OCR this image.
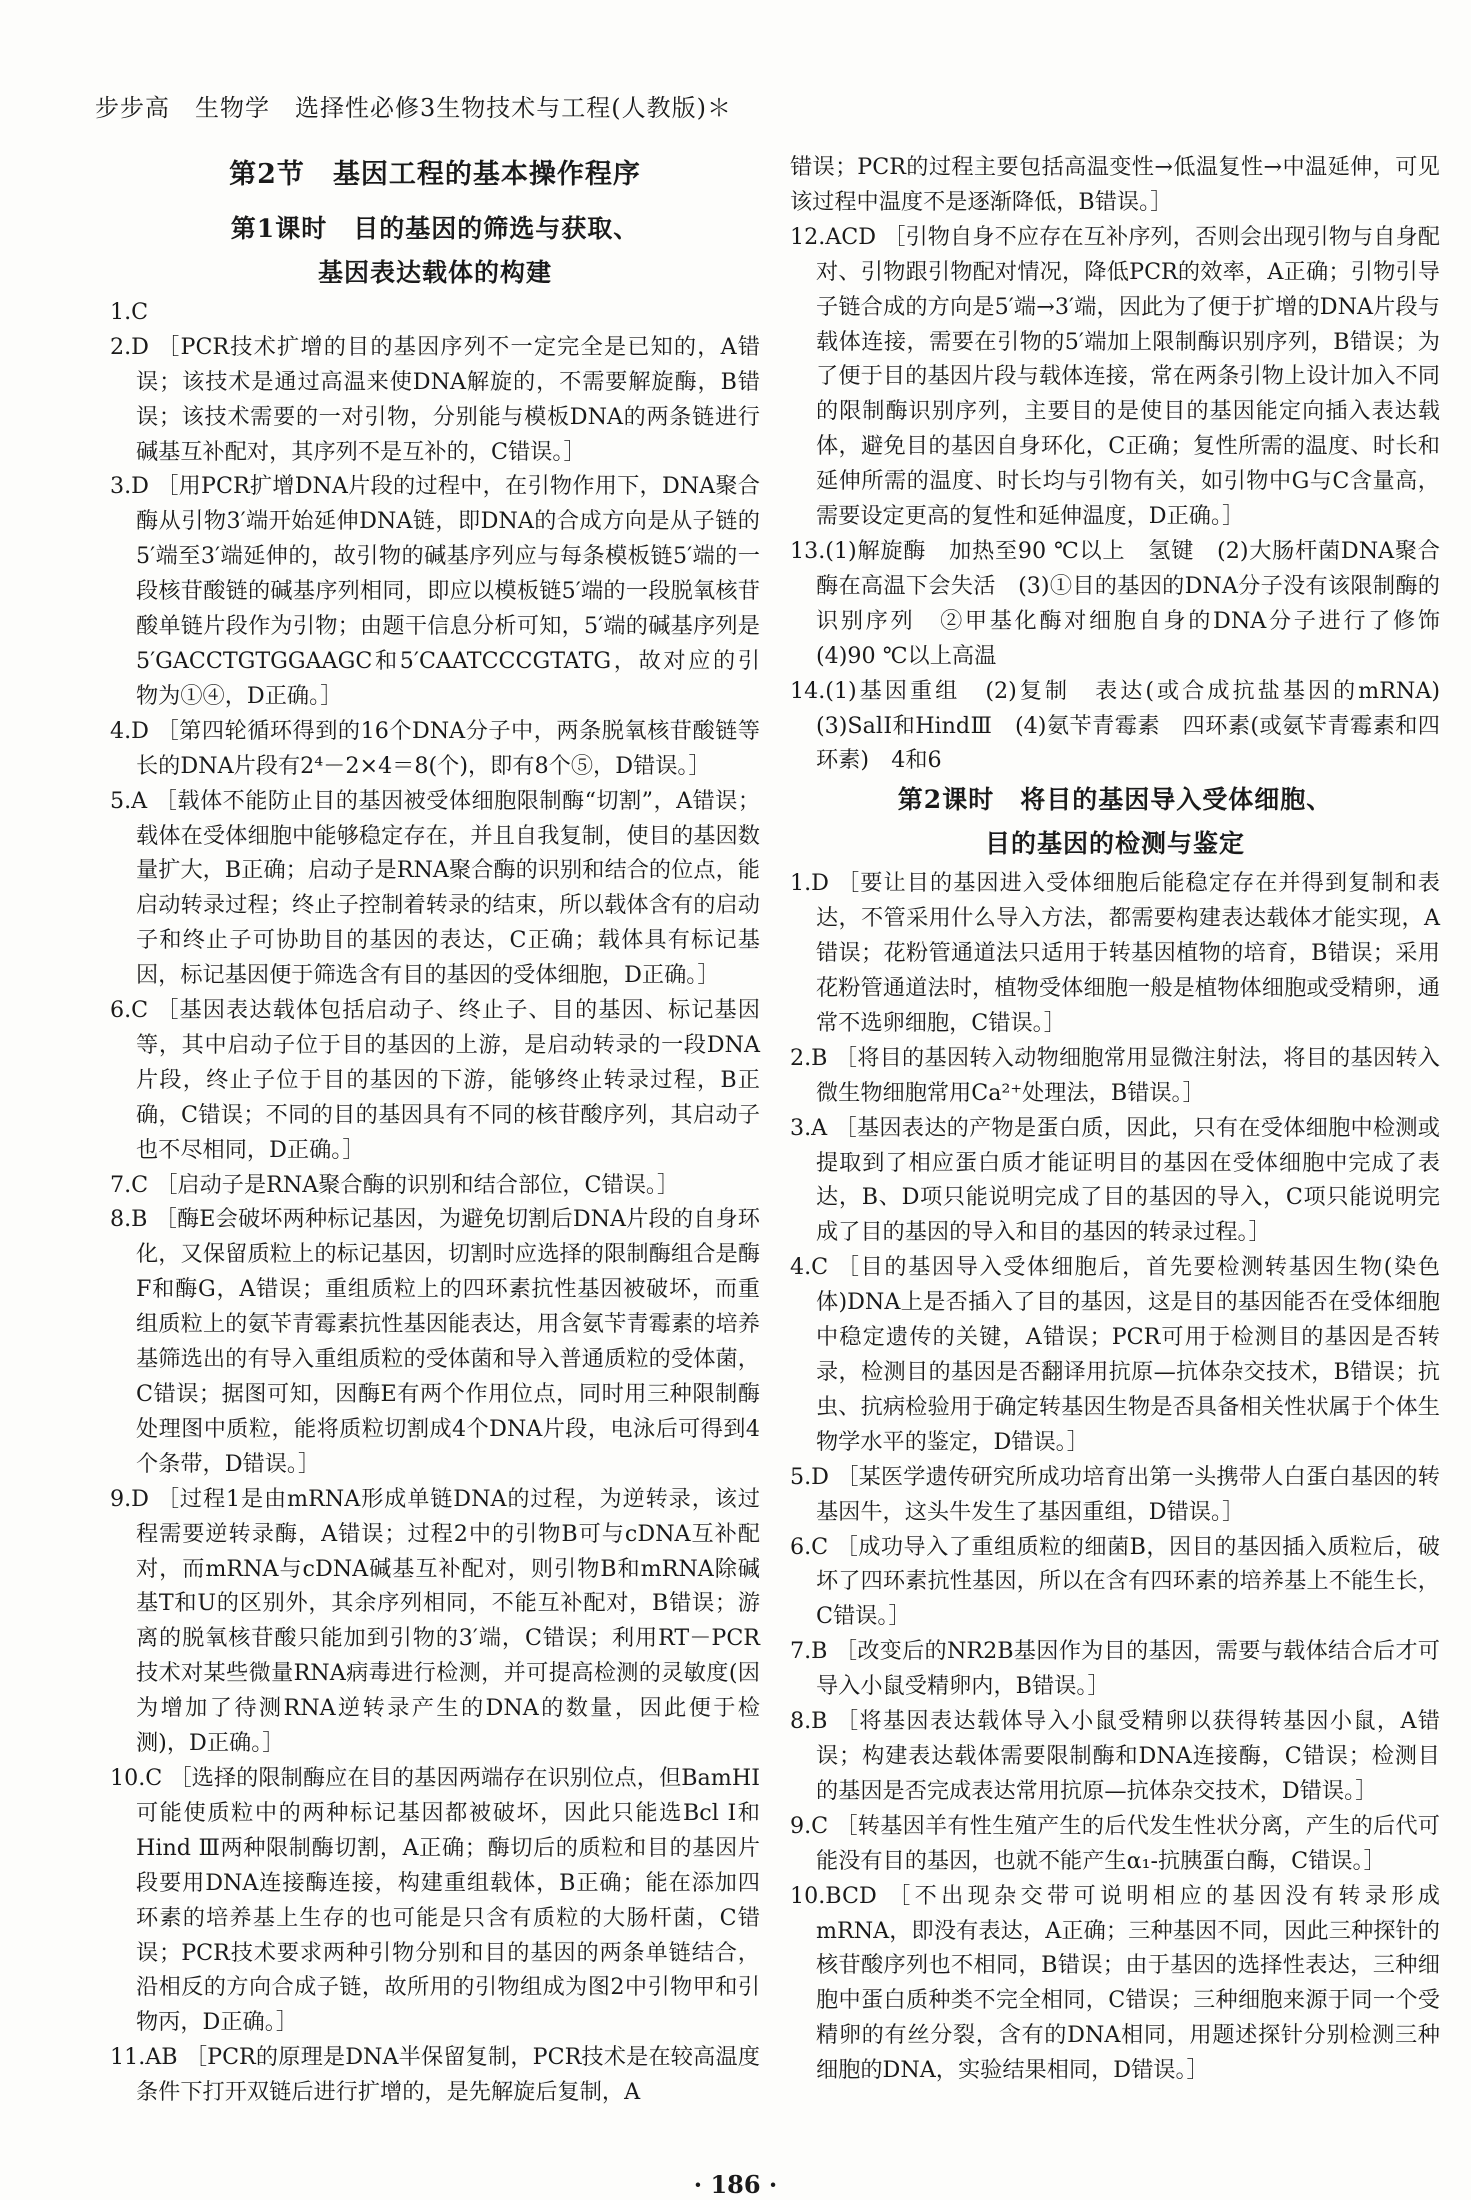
步步高　生物学　选择性必修3生物技术与工程(人教版)＊
第2节　基因工程的基本操作程序
第1课时　目的基因的筛选与获取、
基因表达载体的构建
1.C
2.D ［PCR技术扩增的目的基因序列不一定完全是已知的，A错误；该技术是通过高温来使DNA解旋的，不需要解旋酶，B错误；该技术需要的一对引物，分别能与模板DNA的两条链进行碱基互补配对，其序列不是互补的，C错误。］
3.D ［用PCR扩增DNA片段的过程中，在引物作用下，DNA聚合酶从引物3′端开始延伸DNA链，即DNA的合成方向是从子链的5′端至3′端延伸的，故引物的碱基序列应与每条模板链5′端的一段核苷酸链的碱基序列相同，即应以模板链5′端的一段脱氧核苷酸单链片段作为引物；由题干信息分析可知，5′端的碱基序列是5′GACCTGTGGAAGC和5′CAATCCCGTATG，故对应的引物为①④，D正确。］
4.D ［第四轮循环得到的16个DNA分子中，两条脱氧核苷酸链等长的DNA片段有2⁴－2×4＝8(个)，即有8个⑤，D错误。］
5.A ［载体不能防止目的基因被受体细胞限制酶“切割”，A错误；载体在受体细胞中能够稳定存在，并且自我复制，使目的基因数量扩大，B正确；启动子是RNA聚合酶的识别和结合的位点，能启动转录过程；终止子控制着转录的结束，所以载体含有的启动子和终止子可协助目的基因的表达，C正确；载体具有标记基因，标记基因便于筛选含有目的基因的受体细胞，D正确。］
6.C ［基因表达载体包括启动子、终止子、目的基因、标记基因等，其中启动子位于目的基因的上游，是启动转录的一段DNA片段，终止子位于目的基因的下游，能够终止转录过程，B正确，C错误；不同的目的基因具有不同的核苷酸序列，其启动子也不尽相同，D正确。］
7.C ［启动子是RNA聚合酶的识别和结合部位，C错误。］
8.B ［酶E会破坏两种标记基因，为避免切割后DNA片段的自身环化，又保留质粒上的标记基因，切割时应选择的限制酶组合是酶F和酶G，A错误；重组质粒上的四环素抗性基因被破坏，而重组质粒上的氨苄青霉素抗性基因能表达，用含氨苄青霉素的培养基筛选出的有导入重组质粒的受体菌和导入普通质粒的受体菌，C错误；据图可知，因酶E有两个作用位点，同时用三种限制酶处理图中质粒，能将质粒切割成4个DNA片段，电泳后可得到4个条带，D错误。］
9.D ［过程1是由mRNA形成单链DNA的过程，为逆转录，该过程需要逆转录酶，A错误；过程2中的引物B可与cDNA互补配对，而mRNA与cDNA碱基互补配对，则引物B和mRNA除碱基T和U的区别外，其余序列相同，不能互补配对，B错误；游离的脱氧核苷酸只能加到引物的3′端，C错误；利用RT－PCR技术对某些微量RNA病毒进行检测，并可提高检测的灵敏度(因为增加了待测RNA逆转录产生的DNA的数量，因此便于检测)，D正确。］
10.C ［选择的限制酶应在目的基因两端存在识别位点，但BamHⅠ可能使质粒中的两种标记基因都被破坏，因此只能选Bcl Ⅰ和Hind Ⅲ两种限制酶切割，A正确；酶切后的质粒和目的基因片段要用DNA连接酶连接，构建重组载体，B正确；能在添加四环素的培养基上生存的也可能是只含有质粒的大肠杆菌，C错误；PCR技术要求两种引物分别和目的基因的两条单链结合，沿相反的方向合成子链，故所用的引物组成为图2中引物甲和引物丙，D正确。］
11.AB ［PCR的原理是DNA半保留复制，PCR技术是在较高温度条件下打开双链后进行扩增的，是先解旋后复制，A
错误；PCR的过程主要包括高温变性→低温复性→中温延伸，可见该过程中温度不是逐渐降低，B错误。］
12.ACD ［引物自身不应存在互补序列，否则会出现引物与自身配对、引物跟引物配对情况，降低PCR的效率，A正确；引物引导子链合成的方向是5′端→3′端，因此为了便于扩增的DNA片段与载体连接，需要在引物的5′端加上限制酶识别序列，B错误；为了便于目的基因片段与载体连接，常在两条引物上设计加入不同的限制酶识别序列，主要目的是使目的基因能定向插入表达载体，避免目的基因自身环化，C正确；复性所需的温度、时长和延伸所需的温度、时长均与引物有关，如引物中G与C含量高，需要设定更高的复性和延伸温度，D正确。］
13.(1)解旋酶　加热至90 ℃以上　氢键　(2)大肠杆菌DNA聚合酶在高温下会失活　(3)①目的基因的DNA分子没有该限制酶的识别序列　②甲基化酶对细胞自身的DNA分子进行了修饰　(4)90 ℃以上高温
14.(1)基因重组　(2)复制　表达(或合成抗盐基因的mRNA)　(3)SalⅠ和HindⅢ　(4)氨苄青霉素　四环素(或氨苄青霉素和四环素)　4和6
第2课时　将目的基因导入受体细胞、
目的基因的检测与鉴定
1.D ［要让目的基因进入受体细胞后能稳定存在并得到复制和表达，不管采用什么导入方法，都需要构建表达载体才能实现，A错误；花粉管通道法只适用于转基因植物的培育，B错误；采用花粉管通道法时，植物受体细胞一般是植物体细胞或受精卵，通常不选卵细胞，C错误。］
2.B ［将目的基因转入动物细胞常用显微注射法，将目的基因转入微生物细胞常用Ca²⁺处理法，B错误。］
3.A ［基因表达的产物是蛋白质，因此，只有在受体细胞中检测或提取到了相应蛋白质才能证明目的基因在受体细胞中完成了表达，B、D项只能说明完成了目的基因的导入，C项只能说明完成了目的基因的导入和目的基因的转录过程。］
4.C ［目的基因导入受体细胞后，首先要检测转基因生物(染色体)DNA上是否插入了目的基因，这是目的基因能否在受体细胞中稳定遗传的关键，A错误；PCR可用于检测目的基因是否转录，检测目的基因是否翻译用抗原—抗体杂交技术，B错误；抗虫、抗病检验用于确定转基因生物是否具备相关性状属于个体生物学水平的鉴定，D错误。］
5.D ［某医学遗传研究所成功培育出第一头携带人白蛋白基因的转基因牛，这头牛发生了基因重组，D错误。］
6.C ［成功导入了重组质粒的细菌B，因目的基因插入质粒后，破坏了四环素抗性基因，所以在含有四环素的培养基上不能生长，C错误。］
7.B ［改变后的NR2B基因作为目的基因，需要与载体结合后才可导入小鼠受精卵内，B错误。］
8.B ［将基因表达载体导入小鼠受精卵以获得转基因小鼠，A错误；构建表达载体需要限制酶和DNA连接酶，C错误；检测目的基因是否完成表达常用抗原—抗体杂交技术，D错误。］
9.C ［转基因羊有性生殖产生的后代发生性状分离，产生的后代可能没有目的基因，也就不能产生α₁-抗胰蛋白酶，C错误。］
10.BCD ［不出现杂交带可说明相应的基因没有转录形成mRNA，即没有表达，A正确；三种基因不同，因此三种探针的核苷酸序列也不相同，B错误；由于基因的选择性表达，三种细胞中蛋白质种类不完全相同，C错误；三种细胞来源于同一个受精卵的有丝分裂，含有的DNA相同，用题述探针分别检测三种细胞的DNA，实验结果相同，D错误。］
· 186 ·
